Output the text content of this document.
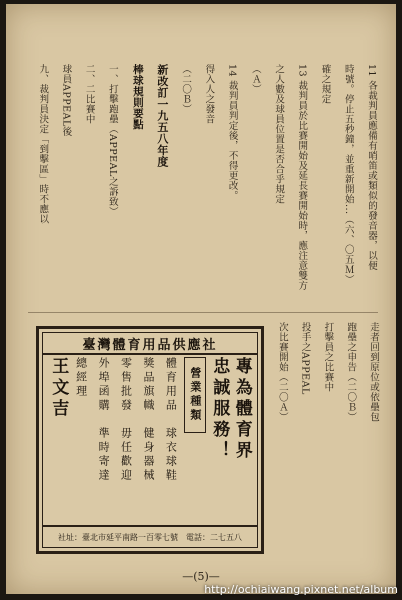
11 各裁判員應備有哨笛或類似的發音器，以便
時號。停止五秒鐘，並重新開始...（六、〇五Ｍ）
確之規定
13 裁判員於比賽開始及延長賽開始時，應注意雙方
之人數及球員位置是否合乎規定
（Ａ）
14 裁判員判定後，不得更改。
得入人之發音
（二〇Ｂ）
新改訂一九五八年度
棒球規則要點
一、打擊跑壘（APPEAL之訴致）
二、二比賽中
球員APPEAL後
九、裁判員決定「到擊區」時不應以
走者回到原位或依壘包
跑壘之申告（二〇Ｂ）
打擊員之比賽中
投手之APPEAL
次比賽開始（二〇Ａ）
臺灣體育用品供應社
專為體育界
忠誠服務！
營業種類
體育用品　球衣球鞋
獎品旗幟　健身器械
零售批發　毋任歡迎
外埠函購　準時寄達
總經理
王文吉
社址：臺北市延平南路一百零七號　電話：二七五八
—(5)—
http://ochiaiwang.pixnet.net/album
